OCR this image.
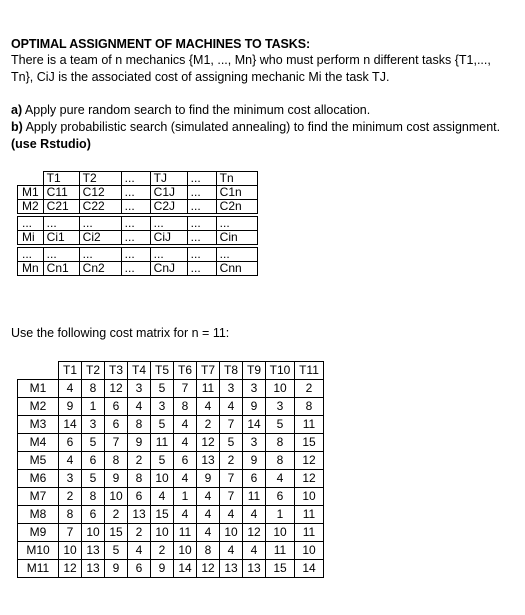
OPTIMAL ASSIGNMENT OF MACHINES TO TASKS:
There is a team of n mechanics {M1, ..., Mn} who must perform n different tasks {T1,..., Tn}, CiJ is the associated cost of assigning mechanic Mi the task TJ.
a) Apply pure random search to find the minimum cost allocation.
b) Apply probabilistic search (simulated annealing) to find the minimum cost assignment.
(use Rstudio)
	T1	T2	...	TJ	...	Tn
M1	C11	C12	...	C1J	...	C1n
M2	C21	C22	...	C2J	...	C2n

...	...	...	...	...	...	...
Mi	Ci1	Ci2	...	CiJ	...	Cin

...	...	...	...	...	...	...
Mn	Cn1	Cn2	...	CnJ	...	Cnn
Use the following cost matrix for n = 11:
	T1	T2	T3	T4	T5	T6	T7	T8	T9	T10	T11
M1	4	8	12	3	5	7	11	3	3	10	2
M2	9	1	6	4	3	8	4	4	9	3	8
M3	14	3	6	8	5	4	2	7	14	5	11
M4	6	5	7	9	11	4	12	5	3	8	15
M5	4	6	8	2	5	6	13	2	9	8	12
M6	3	5	9	8	10	4	9	7	6	4	12
M7	2	8	10	6	4	1	4	7	11	6	10
M8	8	6	2	13	15	4	4	4	4	1	11
M9	7	10	15	2	10	11	4	10	12	10	11
M10	10	13	5	4	2	10	8	4	4	11	10
M11	12	13	9	6	9	14	12	13	13	15	14
